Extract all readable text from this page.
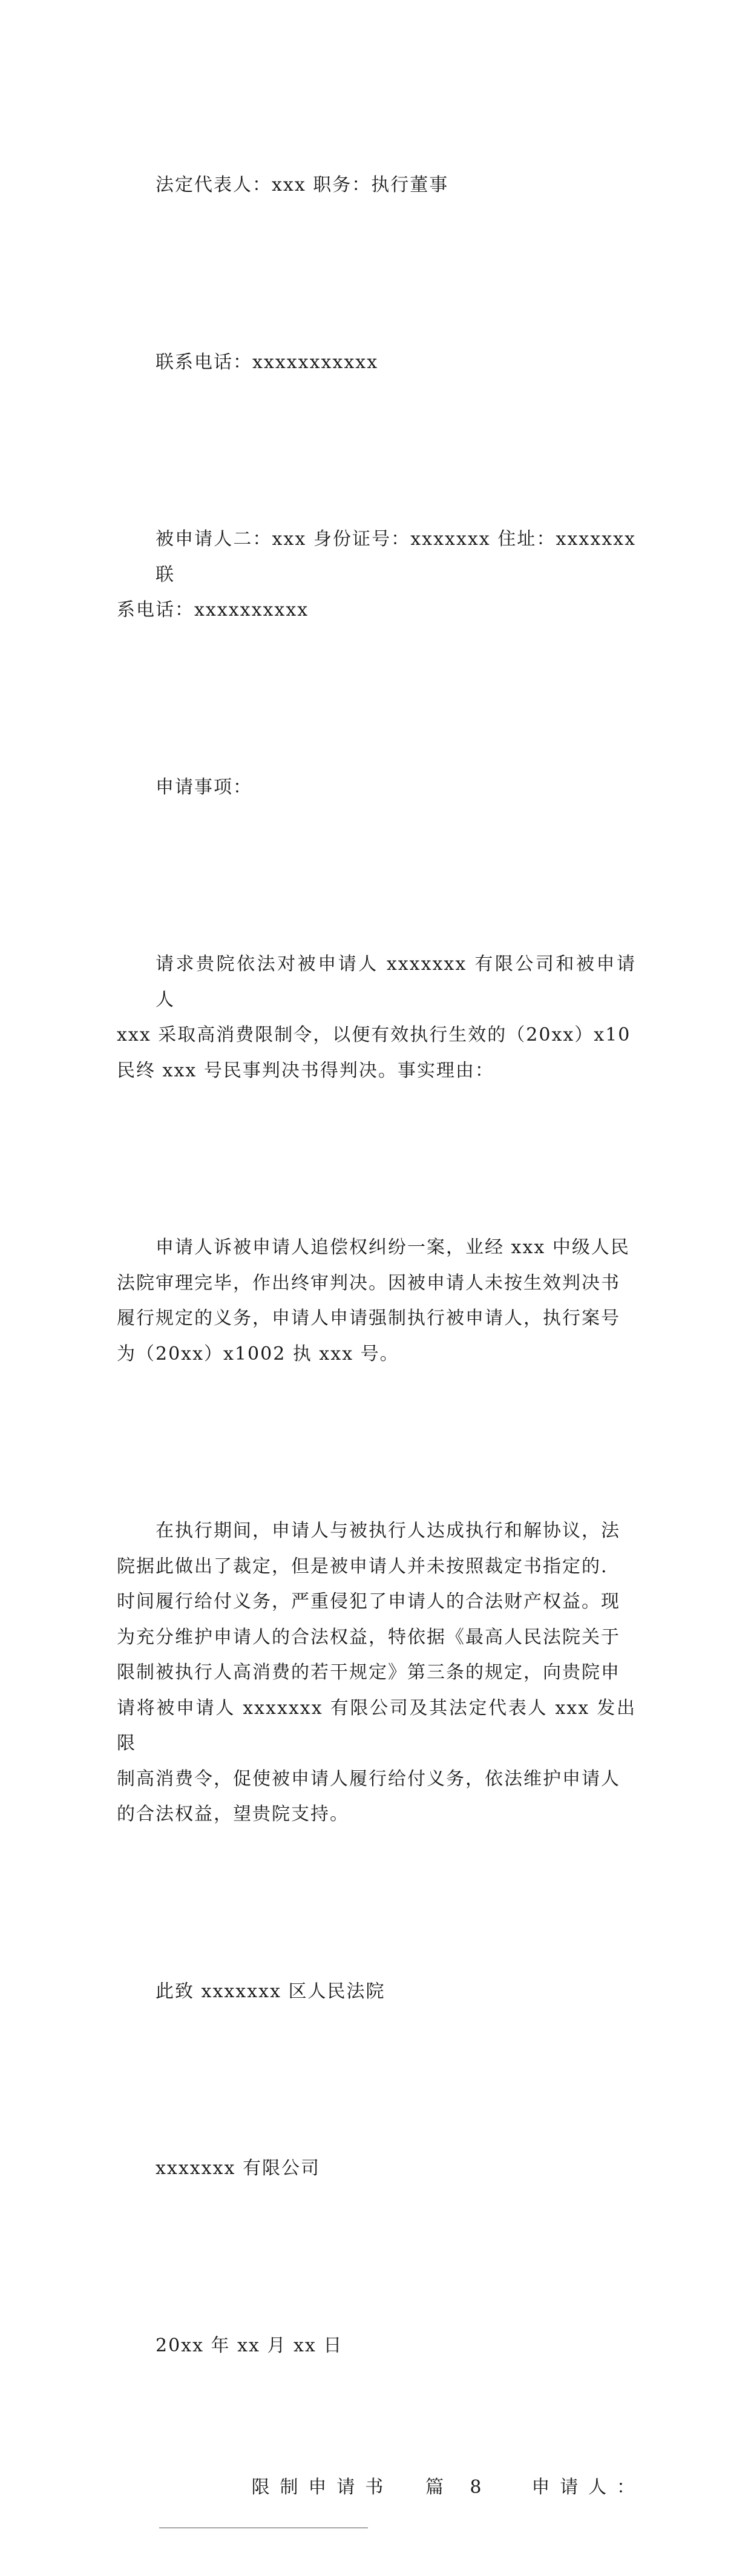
法定代表人：xxx 职务：执行董事

联系电话：xxxxxxxxxxx

被申请人二：xxx 身份证号：xxxxxxx 住址：xxxxxxx 联
系电话：xxxxxxxxxx

申请事项：

请求贵院依法对被申请人 xxxxxxx 有限公司和被申请人
xxx 采取高消费限制令，以便有效执行生效的（20xx）x10
民终 xxx 号民事判决书得判决。事实理由：

申请人诉被申请人追偿权纠纷一案，业经 xxx 中级人民
法院审理完毕，作出终审判决。因被申请人未按生效判决书
履行规定的义务，申请人申请强制执行被申请人，执行案号
为（20xx）x1002 执 xxx 号。

在执行期间，申请人与被执行人达成执行和解协议，法
院据此做出了裁定，但是被申请人并未按照裁定书指定的.
时间履行给付义务，严重侵犯了申请人的合法财产权益。现
为充分维护申请人的合法权益，特依据《最高人民法院关于
限制被执行人高消费的若干规定》第三条的规定，向贵院申
请将被申请人 xxxxxxx 有限公司及其法定代表人 xxx 发出限
制高消费令，促使被申请人履行给付义务，依法维护申请人
的合法权益，望贵院支持。

此致 xxxxxxx 区人民法院

xxxxxxx 有限公司

20xx 年 xx 月 xx 日

限制申请书  篇 8 申请人：
